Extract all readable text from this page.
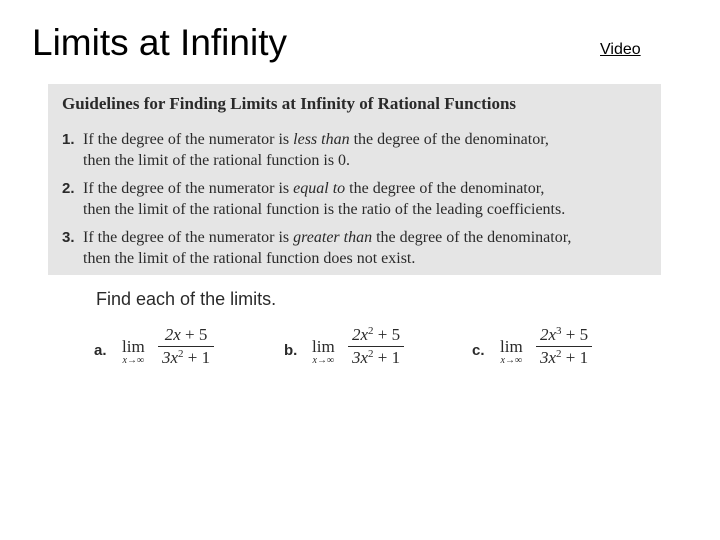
Limits at Infinity	Video
Guidelines for Finding Limits at Infinity of Rational Functions
1. If the degree of the numerator is less than the degree of the denominator,
then the limit of the rational function is 0.
2. If the degree of the numerator is equal to the degree of the denominator,
then the limit of the rational function is the ratio of the leading coefficients.
3. If the degree of the numerator is greater than the degree of the denominator,
then the limit of the rational function does not exist.
Find each of the limits.
a. lim
x→∞
2x + 5
$3x^2 + 1$	b. lim
x→∞
$2x^2 + 5$
$3x^2 + 1$	c. lim
x→∞
$2x^3 + 5$
$3x^2 + 1$
